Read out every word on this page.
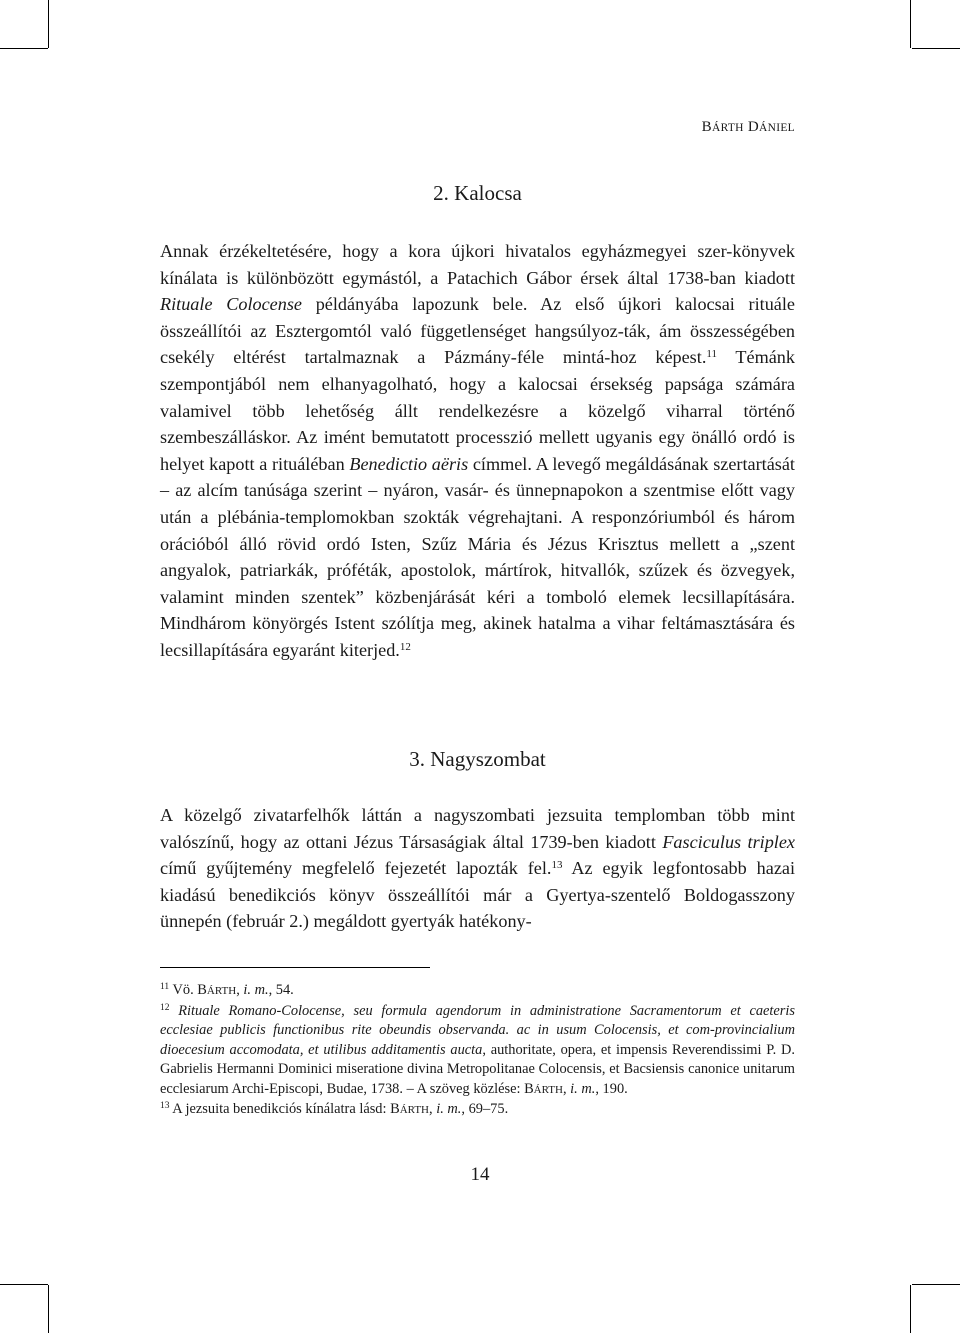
BÁRTH DÁNIEL
2. Kalocsa

Annak érzékeltetésére, hogy a kora újkori hivatalos egyházmegyei szer-könyvek kínálata is különbözött egymástól, a Patachich Gábor érsek által 1738-ban kiadott Rituale Colocense példányába lapozunk bele. Az első újkori kalocsai rituále összeállítói az Esztergomtól való függetlenséget hangsúlyoz-ták, ám összességében csekély eltérést tartalmaznak a Pázmány-féle mintá-hoz képest.$^{11}$ Témánk szempontjából nem elhanyagolható, hogy a kalocsai érsekség papsága számára valamivel több lehetőség állt rendelkezésre a közelgő viharral történő szembeszálláskor. Az imént bemutatott processzió mellett ugyanis egy önálló ordó is helyet kapott a rituáléban Benedictio aëris címmel. A levegő megáldásának szertartását – az alcím tanúsága szerint – nyáron, vasár- és ünnepnapokon a szentmise előtt vagy után a plébánia-templomokban szokták végrehajtani. A responzóriumból és három orációból álló rövid ordó Isten, Szűz Mária és Jézus Krisztus mellett a „szent angyalok, patriarkák, próféták, apostolok, mártírok, hitvallók, szűzek és özvegyek, valamint minden szentek” közbenjárását kéri a tomboló elemek lecsillapítására. Mindhárom könyörgés Istent szólítja meg, akinek hatalma a vihar feltámasztására és lecsillapítására egyaránt kiterjed.$^{12}$

3. Nagyszombat

A közelgő zivatarfelhők láttán a nagyszombati jezsuita templomban több mint valószínű, hogy az ottani Jézus Társaságiak által 1739-ben kiadott Fasciculus triplex című gyűjtemény megfelelő fejezetét lapozták fel.$^{13}$ Az egyik legfontosabb hazai kiadású benedikciós könyv összeállítói már a Gyertya-szentelő Boldogasszony ünnepén (február 2.) megáldott gyertyák hatékony-

$^{11}$ Vö. BÁRTH, i. m., 54.

$^{12}$ Rituale Romano-Colocense, seu formula agendorum in administratione Sacramentorum et caeteris ecclesiae publicis functionibus rite obeundis observanda. ac in usum Colocensis, et com-provincialium dioecesium accomodata, et utilibus additamentis aucta, authoritate, opera, et impensis Reverendissimi P. D. Gabrielis Hermanni Dominici miseratione divina Metropolitanae Colocensis, et Bacsiensis canonice unitarum ecclesiarum Archi-Episcopi, Budae, 1738. – A szöveg közlése: BÁRTH, i. m., 190.

$^{13}$ A jezsuita benedikciós kínálatra lásd: BÁRTH, i. m., 69–75.

14
